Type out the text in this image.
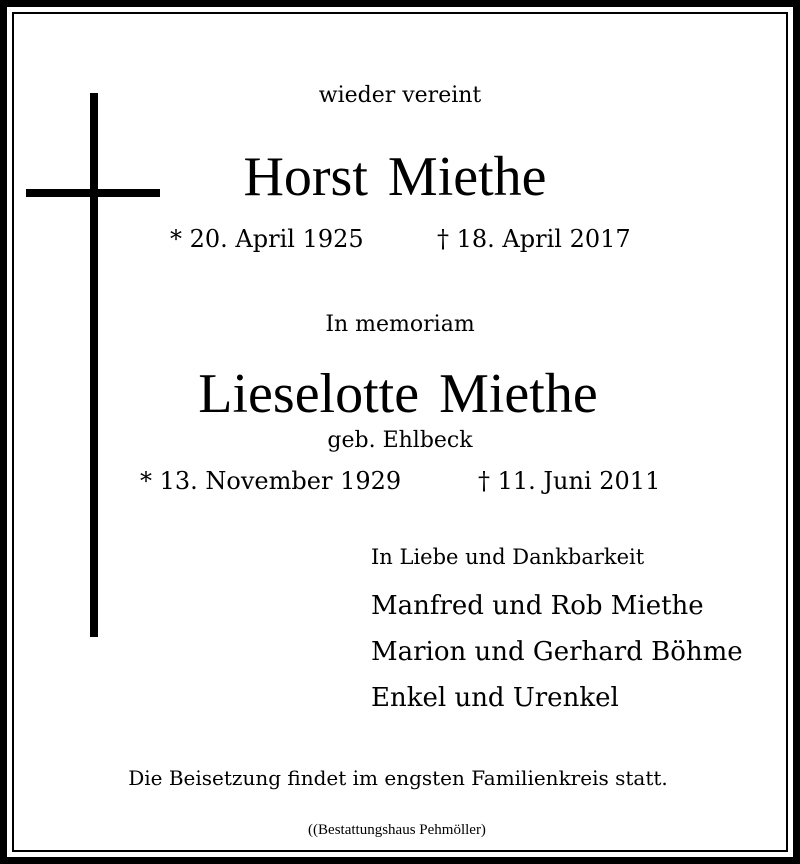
wieder vereint
Horst Miethe
* 20. April 1925	† 18. April 2017
In memoriam
Lieselotte Miethe
geb. Ehlbeck
* 13. November 1929	† 11. Juni 2011
In Liebe und Dankbarkeit
Manfred und Rob Miethe
Marion und Gerhard Böhme
Enkel und Urenkel
Die Beisetzung findet im engsten Familienkreis statt.
((Bestattungshaus Pehmöller)
